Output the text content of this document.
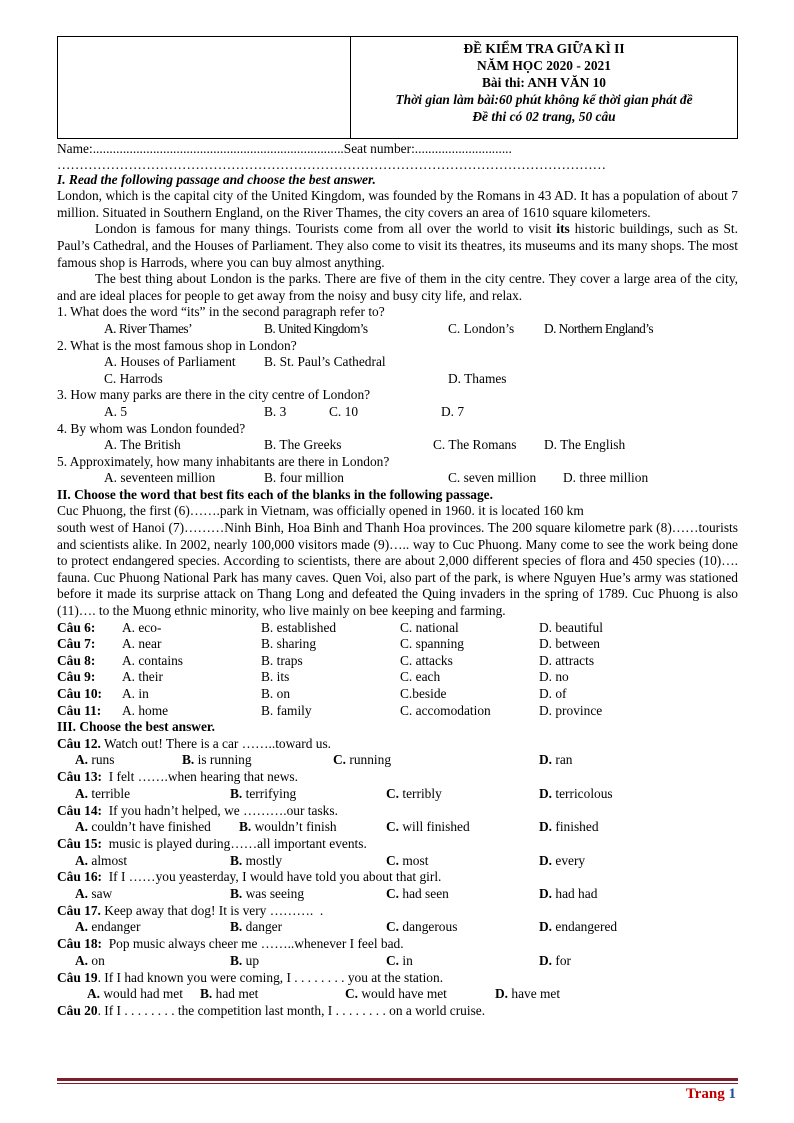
ĐỀ KIỂM TRA GIỮA KÌ II
NĂM HỌC 2020 - 2021
Bài thi: ANH VĂN 10
Thời gian làm bài:60 phút không kể thời gian phát đề
Đề thi có 02 trang, 50 câu
Name:...........................................................................Seat number:.............................
……………………………………………………………………………………………………………
I. Read the following passage and choose the best answer.
London, which is the capital city of the United Kingdom, was founded by the Romans in 43 AD. It has a population of about 7 million. Situated in Southern England, on the River Thames, the city covers an area of 1610 square kilometers.
London is famous for many things. Tourists come from all over the world to visit its historic buildings, such as St. Paul’s Cathedral, and the Houses of Parliament. They also come to visit its theatres, its museums and its many shops. The most famous shop is Harrods, where you can buy almost anything.
The best thing about London is the parks. There are five of them in the city centre. They cover a large area of the city, and are ideal places for people to get away from the noisy and busy city life, and relax.
1. What does the word “its” in the second paragraph refer to?
A. River Thames’	B. United Kingdom’s	C. London’s D. Northern England’s
2. What is the most famous shop in London?
A. Houses of Parliament B. St. Paul’s Cathedral
C. Harrods	D. Thames
3. How many parks are there in the city centre of London?
A. 5	B. 3	C. 10	D. 7
4. By whom was London founded?
A. The British	B. The Greeks	C. The Romans D. The English
5. Approximately, how many inhabitants are there in London?
A. seventeen million	B. four million	C. seven million D. three million
II. Choose the word that best fits each of the blanks in the following passage.
Cuc Phuong, the first (6)…….park in Vietnam, was officially opened in 1960. it is located 160 km
south west of Hanoi (7)………Ninh Binh, Hoa Binh and Thanh Hoa provinces. The 200 square kilometre park (8)……tourists and scientists alike. In 2002, nearly 100,000 visitors made (9)….. way to Cuc Phuong. Many come to see the work being done to protect endangered species. According to scientists, there are about 2,000 different species of flora and 450 species (10)…. fauna. Cuc Phuong National Park has many caves. Quen Voi, also part of the park, is where Nguyen Hue’s army was stationed before it made its surprise attack on Thang Long and defeated the Quing invaders in the spring of 1789. Cuc Phuong is also (11)…. to the Muong ethnic minority, who live mainly on bee keeping and farming.
Câu 6: A. eco-	B. established	C. national	D. beautiful
Câu 7: A. near	B. sharing	C. spanning	D. between
Câu 8: A. contains	B. traps	C. attacks	D. attracts
Câu 9: A. their	B. its	C. each	D. no
Câu 10: A. in	B. on	C.beside	D. of
Câu 11: A. home	B. family	C. accomodation	D. province
III. Choose the best answer.
Câu 12. Watch out! There is a car ……..toward us.
A. runs	B. is running	C. running	D. ran
Câu 13:  I felt …….when hearing that news.
A. terrible	B. terrifying	C. terribly	D. terricolous
Câu 14:  If you hadn’t helped, we ……….our tasks.
A. couldn’t have finished B. wouldn’t finish	C. will finished	D. finished
Câu 15:  music is played during……all important events.
A. almost	B. mostly	C. most	D. every
Câu 16:  If I ……you yeasterday, I would have told you about that girl.
A. saw	B. was seeing	C. had seen	D. had had
Câu 17. Keep away that dog! It is very ……….  .
A. endanger	B. danger	C. dangerous	D. endangered
Câu 18:  Pop music always cheer me ……..whenever I feel bad.
A. on	B. up	C. in	D. for
Câu 19. If I had known you were coming, I . . . . . . . . you at the station.
A. would had met B. had met	C. would have met	D. have met
Câu 20. If I . . . . . . . . the competition last month, I . . . . . . . . on a world cruise.
Trang 1
